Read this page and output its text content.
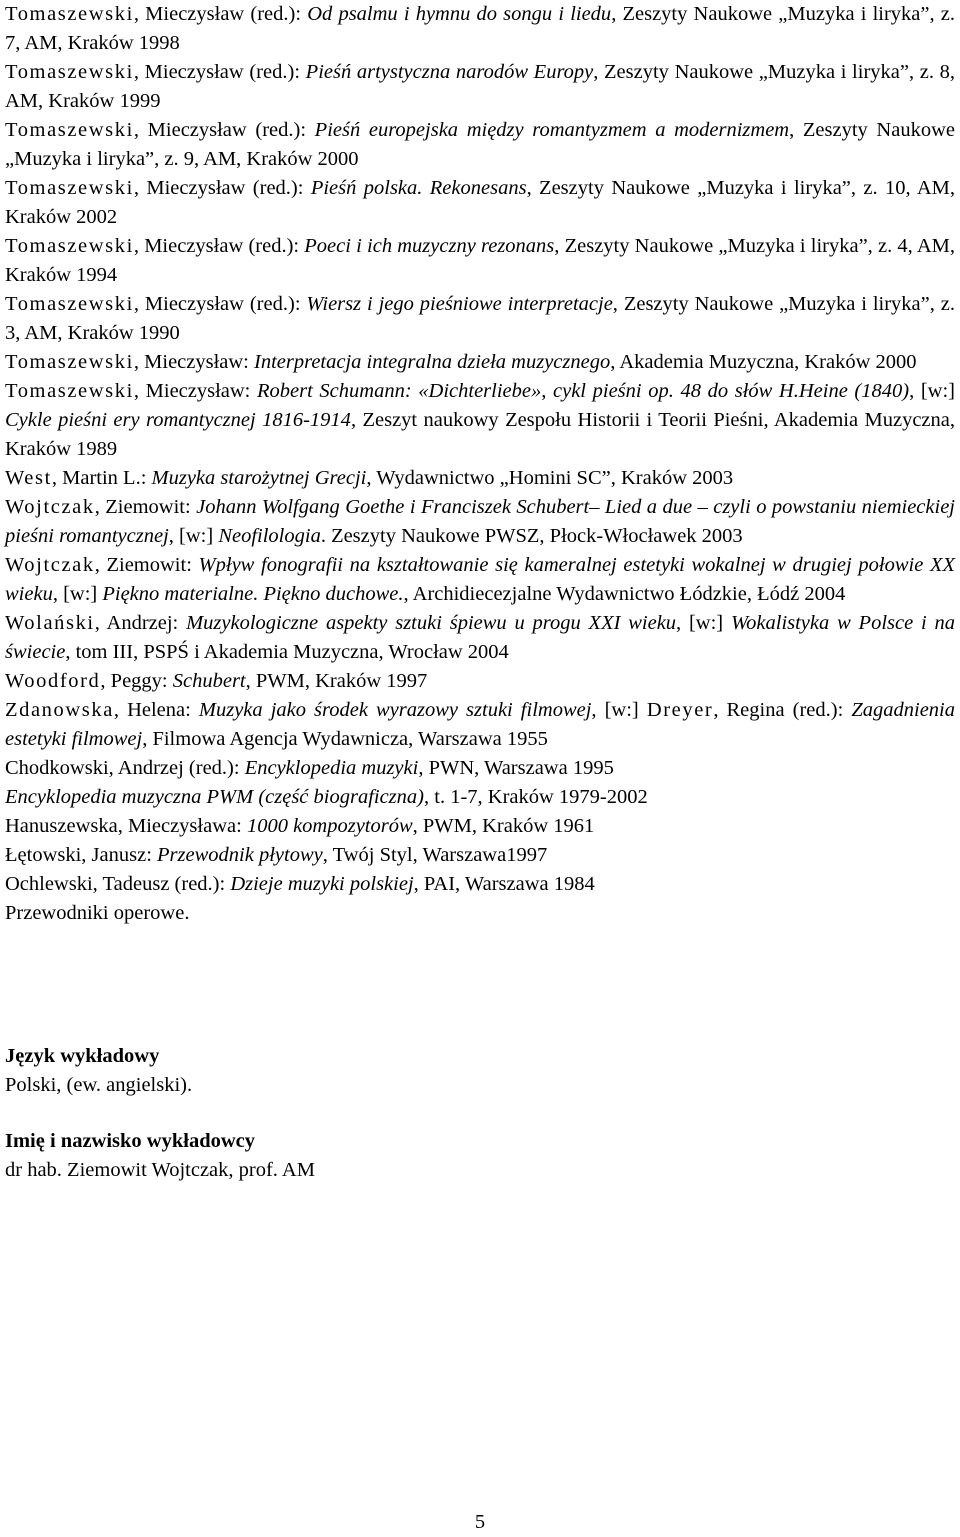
Tomaszewski, Mieczysław (red.): Od psalmu i hymnu do songu i liedu, Zeszyty Naukowe „Muzyka i liryka”, z. 7, AM, Kraków 1998

Tomaszewski, Mieczysław (red.): Pieśń artystyczna narodów Europy, Zeszyty Naukowe „Muzyka i liryka”, z. 8, AM, Kraków 1999

Tomaszewski, Mieczysław (red.): Pieśń europejska między romantyzmem a modernizmem, Zeszyty Naukowe „Muzyka i liryka”, z. 9, AM, Kraków 2000

Tomaszewski, Mieczysław (red.): Pieśń polska. Rekonesans, Zeszyty Naukowe „Muzyka i liryka”, z. 10, AM, Kraków 2002

Tomaszewski, Mieczysław (red.): Poeci i ich muzyczny rezonans, Zeszyty Naukowe „Muzyka i liryka”, z. 4, AM, Kraków 1994

Tomaszewski, Mieczysław (red.): Wiersz i jego pieśniowe interpretacje, Zeszyty Naukowe „Muzyka i liryka”, z. 3, AM, Kraków 1990

Tomaszewski, Mieczysław: Interpretacja integralna dzieła muzycznego, Akademia Muzyczna, Kraków 2000

Tomaszewski, Mieczysław: Robert Schumann: «Dichterliebe», cykl pieśni op. 48 do słów H.Heine (1840), [w:] Cykle pieśni ery romantycznej 1816-1914, Zeszyt naukowy Zespołu Historii i Teorii Pieśni, Akademia Muzyczna, Kraków 1989

West, Martin L.: Muzyka starożytnej Grecji, Wydawnictwo „Homini SC”, Kraków 2003

Wojtczak, Ziemowit: Johann Wolfgang Goethe i Franciszek Schubert– Lied a due – czyli o powstaniu niemieckiej pieśni romantycznej, [w:] Neofilologia. Zeszyty Naukowe PWSZ, Płock-Włocławek 2003

Wojtczak, Ziemowit: Wpływ fonografii na kształtowanie się kameralnej estetyki wokalnej w drugiej połowie XX wieku, [w:] Piękno materialne. Piękno duchowe., Archidiecezjalne Wydawnictwo Łódzkie, Łódź 2004

Wolański, Andrzej: Muzykologiczne aspekty sztuki śpiewu u progu XXI wieku, [w:] Wokalistyka w Polsce i na świecie, tom III, PSPŚ i Akademia Muzyczna, Wrocław 2004

Woodford, Peggy: Schubert, PWM, Kraków 1997

Zdanowska, Helena: Muzyka jako środek wyrazowy sztuki filmowej, [w:] Dreyer, Regina (red.): Zagadnienia estetyki filmowej, Filmowa Agencja Wydawnicza, Warszawa 1955

Chodkowski, Andrzej (red.): Encyklopedia muzyki, PWN, Warszawa 1995

Encyklopedia muzyczna PWM (część biograficzna), t. 1-7, Kraków 1979-2002

Hanuszewska, Mieczysława: 1000 kompozytorów, PWM, Kraków 1961

Łętowski, Janusz: Przewodnik płytowy, Twój Styl, Warszawa1997

Ochlewski, Tadeusz (red.): Dzieje muzyki polskiej, PAI, Warszawa 1984

Przewodniki operowe.

Język wykładowy

Polski, (ew. angielski).

Imię i nazwisko wykładowcy

dr hab. Ziemowit Wojtczak, prof. AM

5
